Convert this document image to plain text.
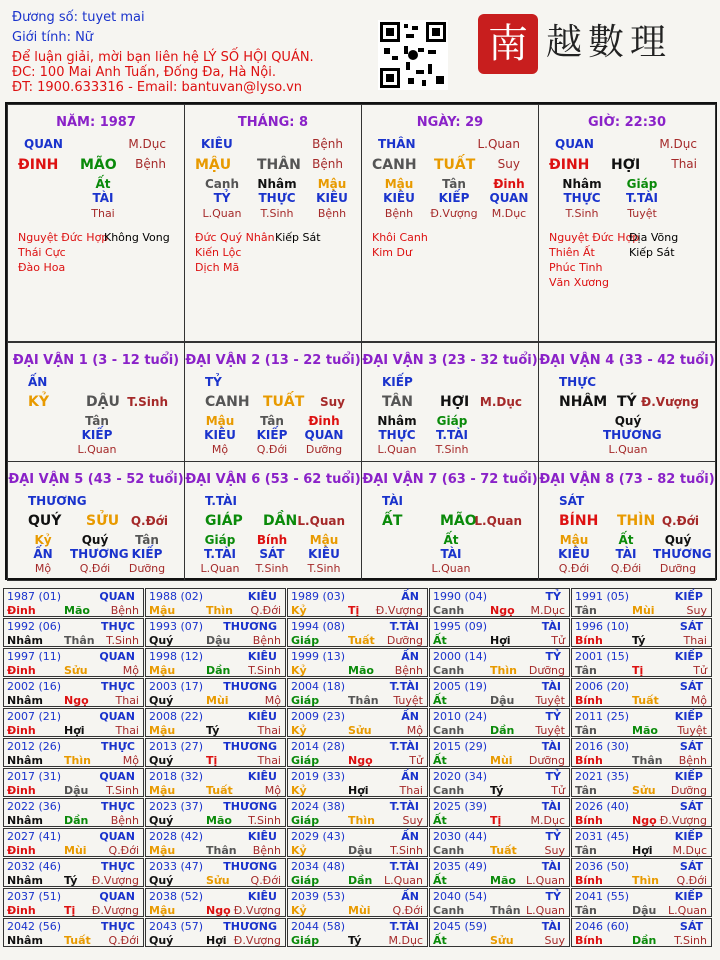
Đương số: tuyet mai
Giới tính: Nữ
Để luận giải, mời bạn liên hệ LÝ SỐ HỘI QUÁN.
ĐC: 100 Mai Anh Tuấn, Đống Đa, Hà Nội.
ĐT: 1900.633316 - Email: bantuvan@lyso.vn
南 越數理
NĂM: 1987
QUAN	M.Dục
ĐINH MÃO Bệnh
Ất
TÀI
Thai
Nguyệt Đức Hợp
Thái Cực
Đào Hoa
Không Vong
THÁNG: 8
KIÊU	Bệnh
MẬU THÂN Bệnh
Canh
TỶ
L.Quan
Nhâm
THỰC
T.Sinh
Mậu
KIÊU
Bệnh
Đức Quý Nhân
Kiến Lộc
Dịch Mã
Kiếp Sát
NGÀY: 29
THÂN	L.Quan
CANH TUẤT Suy
Mậu
KIÊU
Bệnh
Tân
KIẾP
Đ.Vượng
Đinh
QUAN
M.Dục
Khôi Canh
Kim Dư
GIỜ: 22:30
QUAN	M.Dục
ĐINH HỢI	Thai
Nhâm
THỰC
T.Sinh
Giáp
T.TÀI
Tuyệt
Nguyệt Đức Hợp
Thiên Ất
Phúc Tinh
Văn Xương
Địa Võng
Kiếp Sát
ĐẠI VẬN 1 (3 - 12 tuổi)
ẤN
KỶ	DẬU T.Sinh
Tân
KIẾP
L.Quan
ĐẠI VẬN 2 (13 - 22 tuổi)
TỶ
CANH TUẤT Suy
Mậu
KIÊU
Mộ
Tân
KIẾP
Q.Đới
Đinh
QUAN
Dưỡng
ĐẠI VẬN 3 (23 - 32 tuổi)
KIẾP
TÂN HỢI M.Dục
Nhâm
THỰC
L.Quan
Giáp
T.TÀI
T.Sinh
ĐẠI VẬN 4 (33 - 42 tuổi)
THỰC
NHÂM TÝ Đ.Vượng
Quý
THƯƠNG
L.Quan
ĐẠI VẬN 5 (43 - 52 tuổi)
THƯƠNG
QUÝ SỬU Q.Đới
Kỷ
ẤN
Mộ
Quý
THƯƠNG
Q.Đới
Tân
KIẾP
Dưỡng
ĐẠI VẬN 6 (53 - 62 tuổi)
T.TÀI
GIÁP DẦN L.Quan
Giáp
T.TÀI
L.Quan
Bính
SÁT
T.Sinh
Mậu
KIÊU
T.Sinh
ĐẠI VẬN 7 (63 - 72 tuổi)
TÀI
ẤT	MÃO
L.Quan
Ất
TÀI
L.Quan
ĐẠI VẬN 8 (73 - 82 tuổi)
SÁT
BÍNH THÌN Q.Đới
Mậu
KIÊU
Q.Đới
Ất
TÀI
Q.Đới
Quý
THƯƠNG
Dưỡng
1987 (01)	QUAN
Đinh	Mão Bệnh
1988 (02)	KIÊU
Mậu	Thìn Q.Đới
1989 (03)	ẤN
Kỷ	Tị Đ.Vượng
1990 (04)	TỶ
Canh Ngọ M.Dục
1991 (05)	KIẾP
Tân	Mùi	Suy
1992 (06)	THỰC
Nhâm Thân T.Sinh
1993 (07) THƯƠNG
Quý	Dậu Bệnh
1994 (08)	T.TÀI
Giáp	Tuất Dưỡng
1995 (09)	TÀI
Ất	Hợi	Tử
1996 (10)	SÁT
Bính	Tý	Thai
1997 (11)	QUAN
Đinh	Sửu	Mộ
1998 (12)	KIÊU
Mậu	Dần T.Sinh
1999 (13)	ẤN
Kỷ	Mão Bệnh
2000 (14)	TỶ
Canh Thìn Dưỡng
2001 (15)	KIẾP
Tân	Tị	Tử
2002 (16)	THỰC
Nhâm Ngọ Thai
2003 (17) THƯƠNG
Quý	Mùi	Mộ
2004 (18)	T.TÀI
Giáp	Thân Tuyệt
2005 (19)	TÀI
Ất	Dậu Tuyệt
2006 (20)	SÁT
Bính	Tuất	Mộ
2007 (21)	QUAN
Đinh	Hợi	Thai
2008 (22)	KIÊU
Mậu	Tý	Thai
2009 (23)	ẤN
Kỷ	Sửu	Mộ
2010 (24)	TỶ
Canh Dần Tuyệt
2011 (25)	KIẾP
Tân	Mão Tuyệt
2012 (26)	THỰC
Nhâm Thìn	Mộ
2013 (27) THƯƠNG
Quý	Tị	Thai
2014 (28)	T.TÀI
Giáp	Ngọ	Tử
2015 (29)	TÀI
Ất	Mùi Dưỡng
2016 (30)	SÁT
Bính	Thân Bệnh
2017 (31)	QUAN
Đinh	Dậu T.Sinh
2018 (32)	KIÊU
Mậu	Tuất	Mộ
2019 (33)	ẤN
Kỷ	Hợi	Thai
2020 (34)	TỶ
Canh Tý	Tử
2021 (35)	KIẾP
Tân	Sửu Dưỡng
2022 (36)	THỰC
Nhâm Dần Bệnh
2023 (37) THƯƠNG
Quý	Mão T.Sinh
2024 (38)	T.TÀI
Giáp	Thìn	Suy
2025 (39)	TÀI
Ất	Tị	M.Dục
2026 (40)	SÁT
Bính	Ngọ Đ.Vượng
2027 (41)	QUAN
Đinh	Mùi Q.Đới
2028 (42)	KIÊU
Mậu	Thân Bệnh
2029 (43)	ẤN
Kỷ	Dậu T.Sinh
2030 (44)	TỶ
Canh Tuất	Suy
2031 (45)	KIẾP
Tân	Hợi M.Dục
2032 (46)	THỰC
Nhâm Tý Đ.Vượng
2033 (47) THƯƠNG
Quý	Sửu Q.Đới
2034 (48)	T.TÀI
Giáp	Dần L.Quan
2035 (49)	TÀI
Ất	Mão L.Quan
2036 (50)	SÁT
Bính	Thìn Q.Đới
2037 (51)	QUAN
Đinh	Tị Đ.Vượng
2038 (52)	KIÊU
Mậu	Ngọ Đ.Vượng
2039 (53)	ẤN
Kỷ	Mùi Q.Đới
2040 (54)	TỶ
Canh Thân L.Quan
2041 (55)	KIẾP
Tân	Dậu L.Quan
2042 (56)	THỰC
Nhâm Tuất Q.Đới
2043 (57) THƯƠNG
Quý	Hợi Đ.Vượng
2044 (58)	T.TÀI
Giáp	Tý M.Dục
2045 (59)	TÀI
Ất	Sửu	Suy
2046 (60)	SÁT
Bính	Dần T.Sinh
